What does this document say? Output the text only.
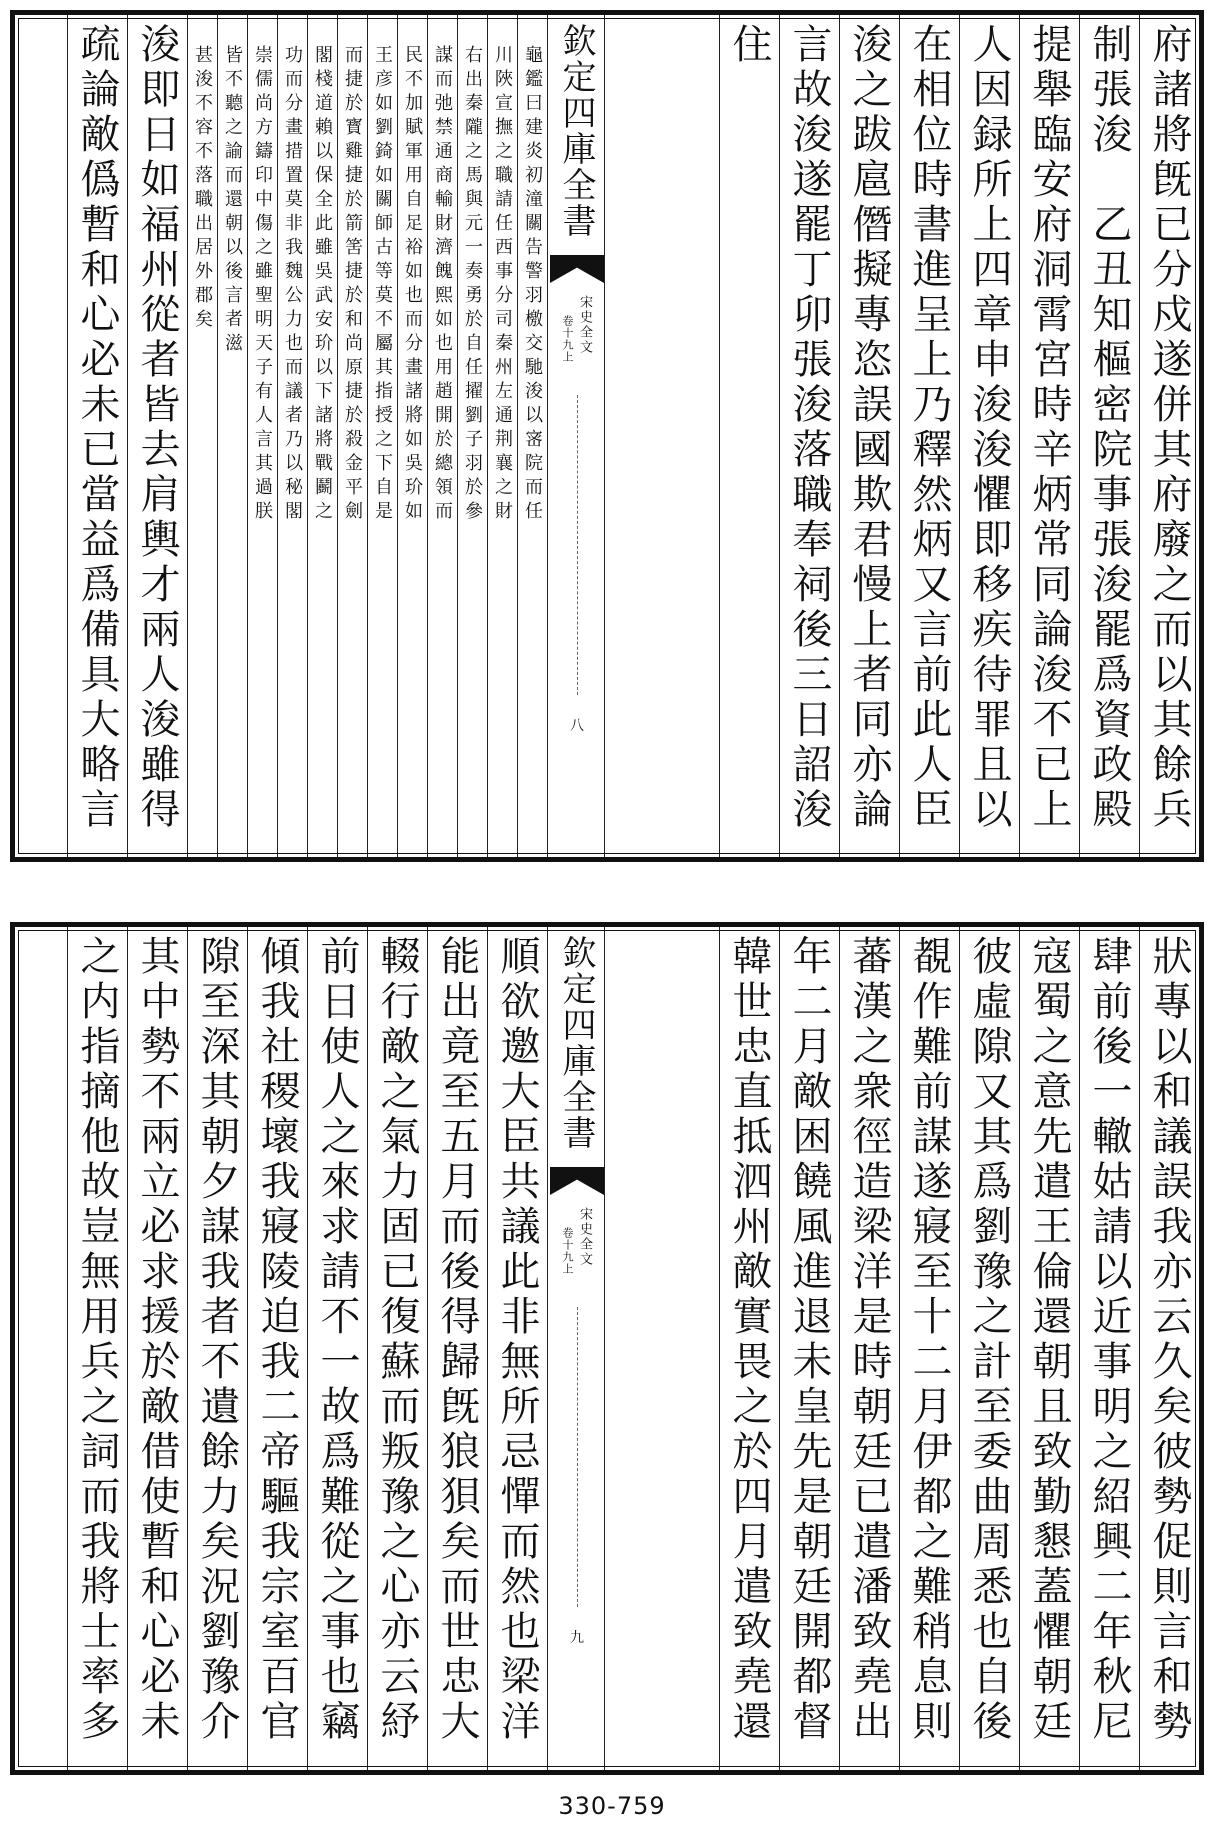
府諸將旣已分戍遂併其府廢之而以其餘兵
制張浚　乙丑知樞密院事張浚罷爲資政殿
提舉臨安府洞霄宮時辛炳常同論浚不已上
人因録所上四章申浚浚懼即移疾待罪且以
在相位時書進呈上乃釋然炳又言前此人臣
浚之跋扈僭擬專恣誤國欺君慢上者同亦論
言故浚遂罷丁卯張浚落職奉祠後三日詔浚
住
欽定四庫全書
宋史全文
卷十九上
八
龜鑑曰建炎初潼關告警羽檄交馳浚以宻院而任
川陜宣撫之職請任西事分司秦州左通荆襄之財
右出秦隴之馬與元一奏勇於自任擢劉子羽於參
謀而弛禁通商輸財濟餽熙如也用趙開於總領而
民不加賦軍用自足裕如也而分畫諸將如吳玠如
王彦如劉錡如關師古等莫不屬其指授之下自是
而捷於寳雞捷於箭筈捷於和尚原捷於殺金平劍
閣棧道賴以保全此雖吳武安玠以下諸將戰鬬之
功而分畫措置莫非我魏公力也而議者乃以秘閣
崇儒尚方鑄印中傷之雖聖明天子有人言其過朕
皆不聽之諭而還朝以後言者滋
甚浚不容不落職出居外郡矣
浚即日如福州從者皆去肩輿才兩人浚雖得
疏論敵僞暫和心必未已當益爲備具大略言
狀專以和議誤我亦云久矣彼勢促則言和勢
肆前後一轍姑請以近事明之紹興二年秋尼
寇蜀之意先遣王倫還朝且致勤懇蓋懼朝廷
彼虛隙又其爲劉豫之計至委曲周悉也自後
覩作難前謀遂寢至十二月伊都之難稍息則
蕃漢之衆徑造梁洋是時朝廷已遣潘致堯出
年二月敵困饒風進退未皇先是朝廷開都督
韓世忠直抵泗州敵實畏之於四月遣致堯還
欽定四庫全書
宋史全文
卷十九上
九
順欲邀大臣共議此非無所忌憚而然也梁洋
能出竟至五月而後得歸旣狼狽矣而世忠大
輟行敵之氣力固已復蘇而叛豫之心亦云紓
前日使人之來求請不一故爲難從之事也竊
傾我社稷壞我寢陵迫我二帝驅我宗室百官
隙至深其朝夕謀我者不遺餘力矣況劉豫介
其中勢不兩立必求援於敵借使暫和心必未
之内指摘他故豈無用兵之詞而我將士率多
330-759
